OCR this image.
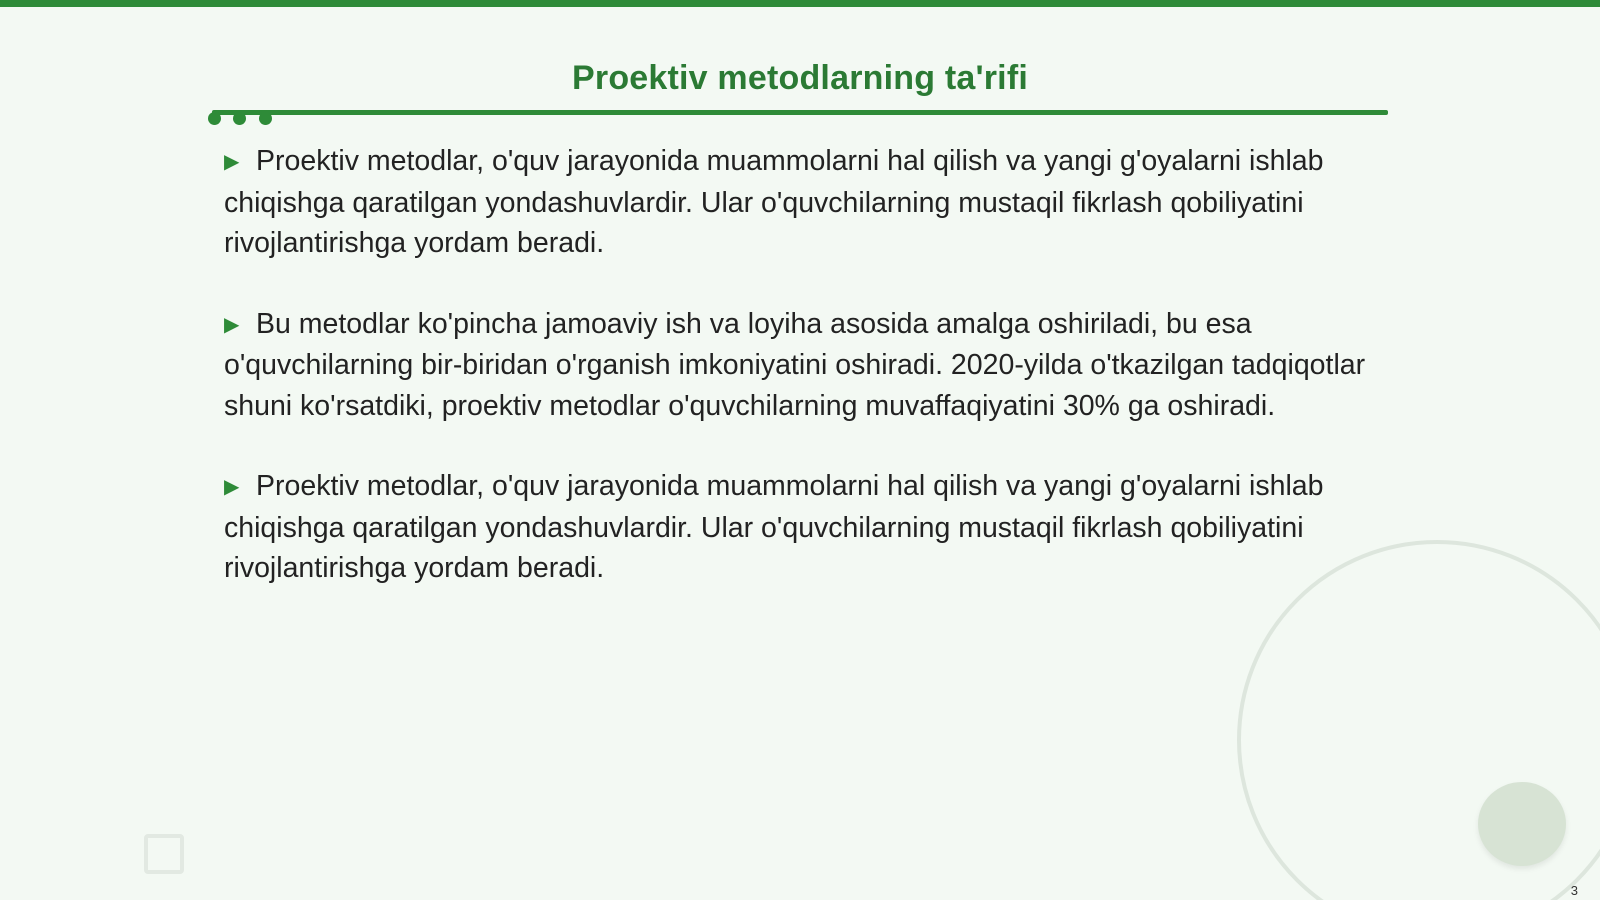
Proektiv metodlarning ta'rifi
▶ Proektiv metodlar, o'quv jarayonida muammolarni hal qilish va yangi g'oyalarni ishlab chiqishga qaratilgan yondashuvlardir. Ular o'quvchilarning mustaqil fikrlash qobiliyatini rivojlantirishga yordam beradi.
▶ Bu metodlar ko'pincha jamoaviy ish va loyiha asosida amalga oshiriladi, bu esa o'quvchilarning bir-biridan o'rganish imkoniyatini oshiradi. 2020-yilda o'tkazilgan tadqiqotlar shuni ko'rsatdiki, proektiv metodlar o'quvchilarning muvaffaqiyatini 30% ga oshiradi.
▶ Proektiv metodlar, o'quv jarayonida muammolarni hal qilish va yangi g'oyalarni ishlab chiqishga qaratilgan yondashuvlardir. Ular o'quvchilarning mustaqil fikrlash qobiliyatini rivojlantirishga yordam beradi.
3
